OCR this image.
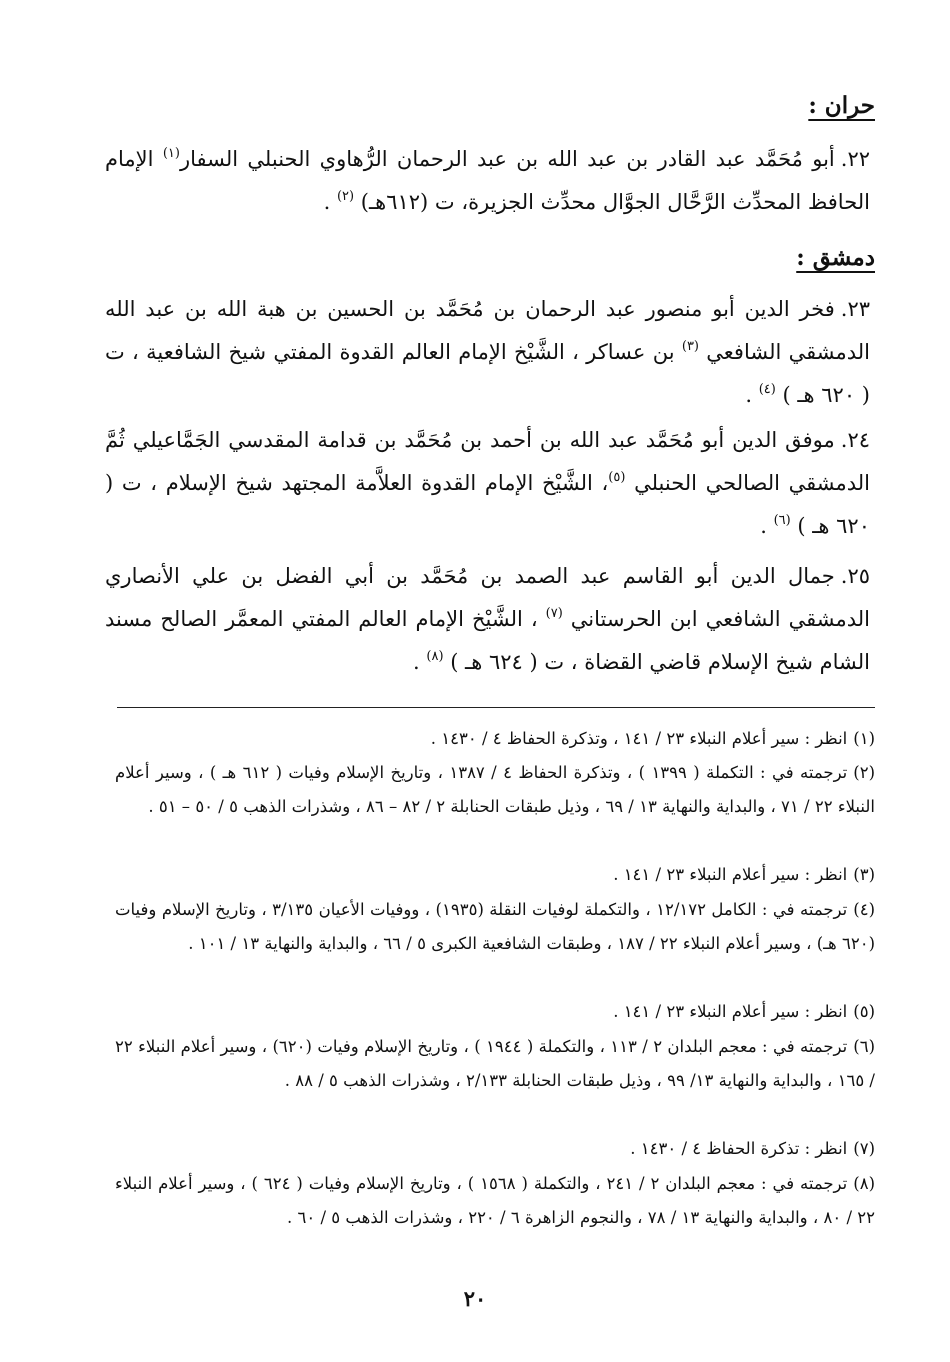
حران :
٢٢.أبو مُحَمَّد عبد القادر بن عبد الله بن عبد الرحمان الرُّهاوي الحنبلي السفار$^{(١)}$ الإمام الحافظ المحدِّث الرَّحَّال الجوَّال محدِّث الجزيرة، ت (٦١٢هـ) $^{(٢)}$ .
دمشق :
٢٣.فخر الدين أبو منصور عبد الرحمان بن مُحَمَّد بن الحسين بن هبة الله بن عبد الله الدمشقي الشافعي $^{(٣)}$ بن عساكر ، الشَّيْخ الإمام العالم القدوة المفتي شيخ الشافعية ، ت ( ٦٢٠ هـ ) $^{(٤)}$ .
٢٤.موفق الدين أبو مُحَمَّد عبد الله بن أحمد بن مُحَمَّد بن قدامة المقدسي الجَمَّاعيلي ثُمَّ الدمشقي الصالحي الحنبلي $^{(٥)}$، الشَّيْخ الإمام القدوة العلاَّمة المجتهد شيخ الإسلام ، ت ( ٦٢٠ هـ ) $^{(٦)}$ .
٢٥.جمال الدين أبو القاسم عبد الصمد بن مُحَمَّد بن أبي الفضل بن علي الأنصاري الدمشقي الشافعي ابن الحرستاني $^{(٧)}$ ، الشَّيْخ الإمام العالم المفتي المعمَّر الصالح مسند الشام شيخ الإسلام قاضي القضاة ، ت ( ٦٢٤ هـ ) $^{(٨)}$ .
(١)انظر : سير أعلام النبلاء ٢٣ / ١٤١ ، وتذكرة الحفاظ ٤ / ١٤٣٠ .
(٢)ترجمته في : التكملة ( ١٣٩٩ ) ، وتذكرة الحفاظ ٤ / ١٣٨٧ ، وتاريخ الإسلام وفيات ( ٦١٢ هـ ) ، وسير أعلام النبلاء ٢٢ / ٧١ ، والبداية والنهاية ١٣ / ٦٩ ، وذيل طبقات الحنابلة ٢ / ٨٢ – ٨٦ ، وشذرات الذهب ٥ / ٥٠ – ٥١ .
(٣)انظر : سير أعلام النبلاء ٢٣ / ١٤١ .
(٤)ترجمته في : الكامل ١٢/١٧٢ ، والتكملة لوفيات النقلة (١٩٣٥) ، ووفيات الأعيان ٣/١٣٥ ، وتاريخ الإسلام وفيات (٦٢٠ هـ) ، وسير أعلام النبلاء ٢٢ / ١٨٧ ، وطبقات الشافعية الكبرى ٥ / ٦٦ ، والبداية والنهاية ١٣ / ١٠١ .
(٥)انظر : سير أعلام النبلاء ٢٣ / ١٤١ .
(٦)ترجمته في : معجم البلدان ٢ / ١١٣ ، والتكملة ( ١٩٤٤ ) ، وتاريخ الإسلام وفيات (٦٢٠) ، وسير أعلام النبلاء ٢٢ / ١٦٥ ، والبداية والنهاية ١٣/ ٩٩ ، وذيل طبقات الحنابلة ٢/١٣٣ ، وشذرات الذهب ٥ / ٨٨ .
(٧)انظر : تذكرة الحفاظ ٤ / ١٤٣٠ .
(٨)ترجمته في : معجم البلدان ٢ / ٢٤١ ، والتكملة ( ١٥٦٨ ) ، وتاريخ الإسلام وفيات ( ٦٢٤ ) ، وسير أعلام النبلاء ٢٢ / ٨٠ ، والبداية والنهاية ١٣ / ٧٨ ، والنجوم الزاهرة ٦ / ٢٢٠ ، وشذرات الذهب ٥ / ٦٠ .
٢٠
